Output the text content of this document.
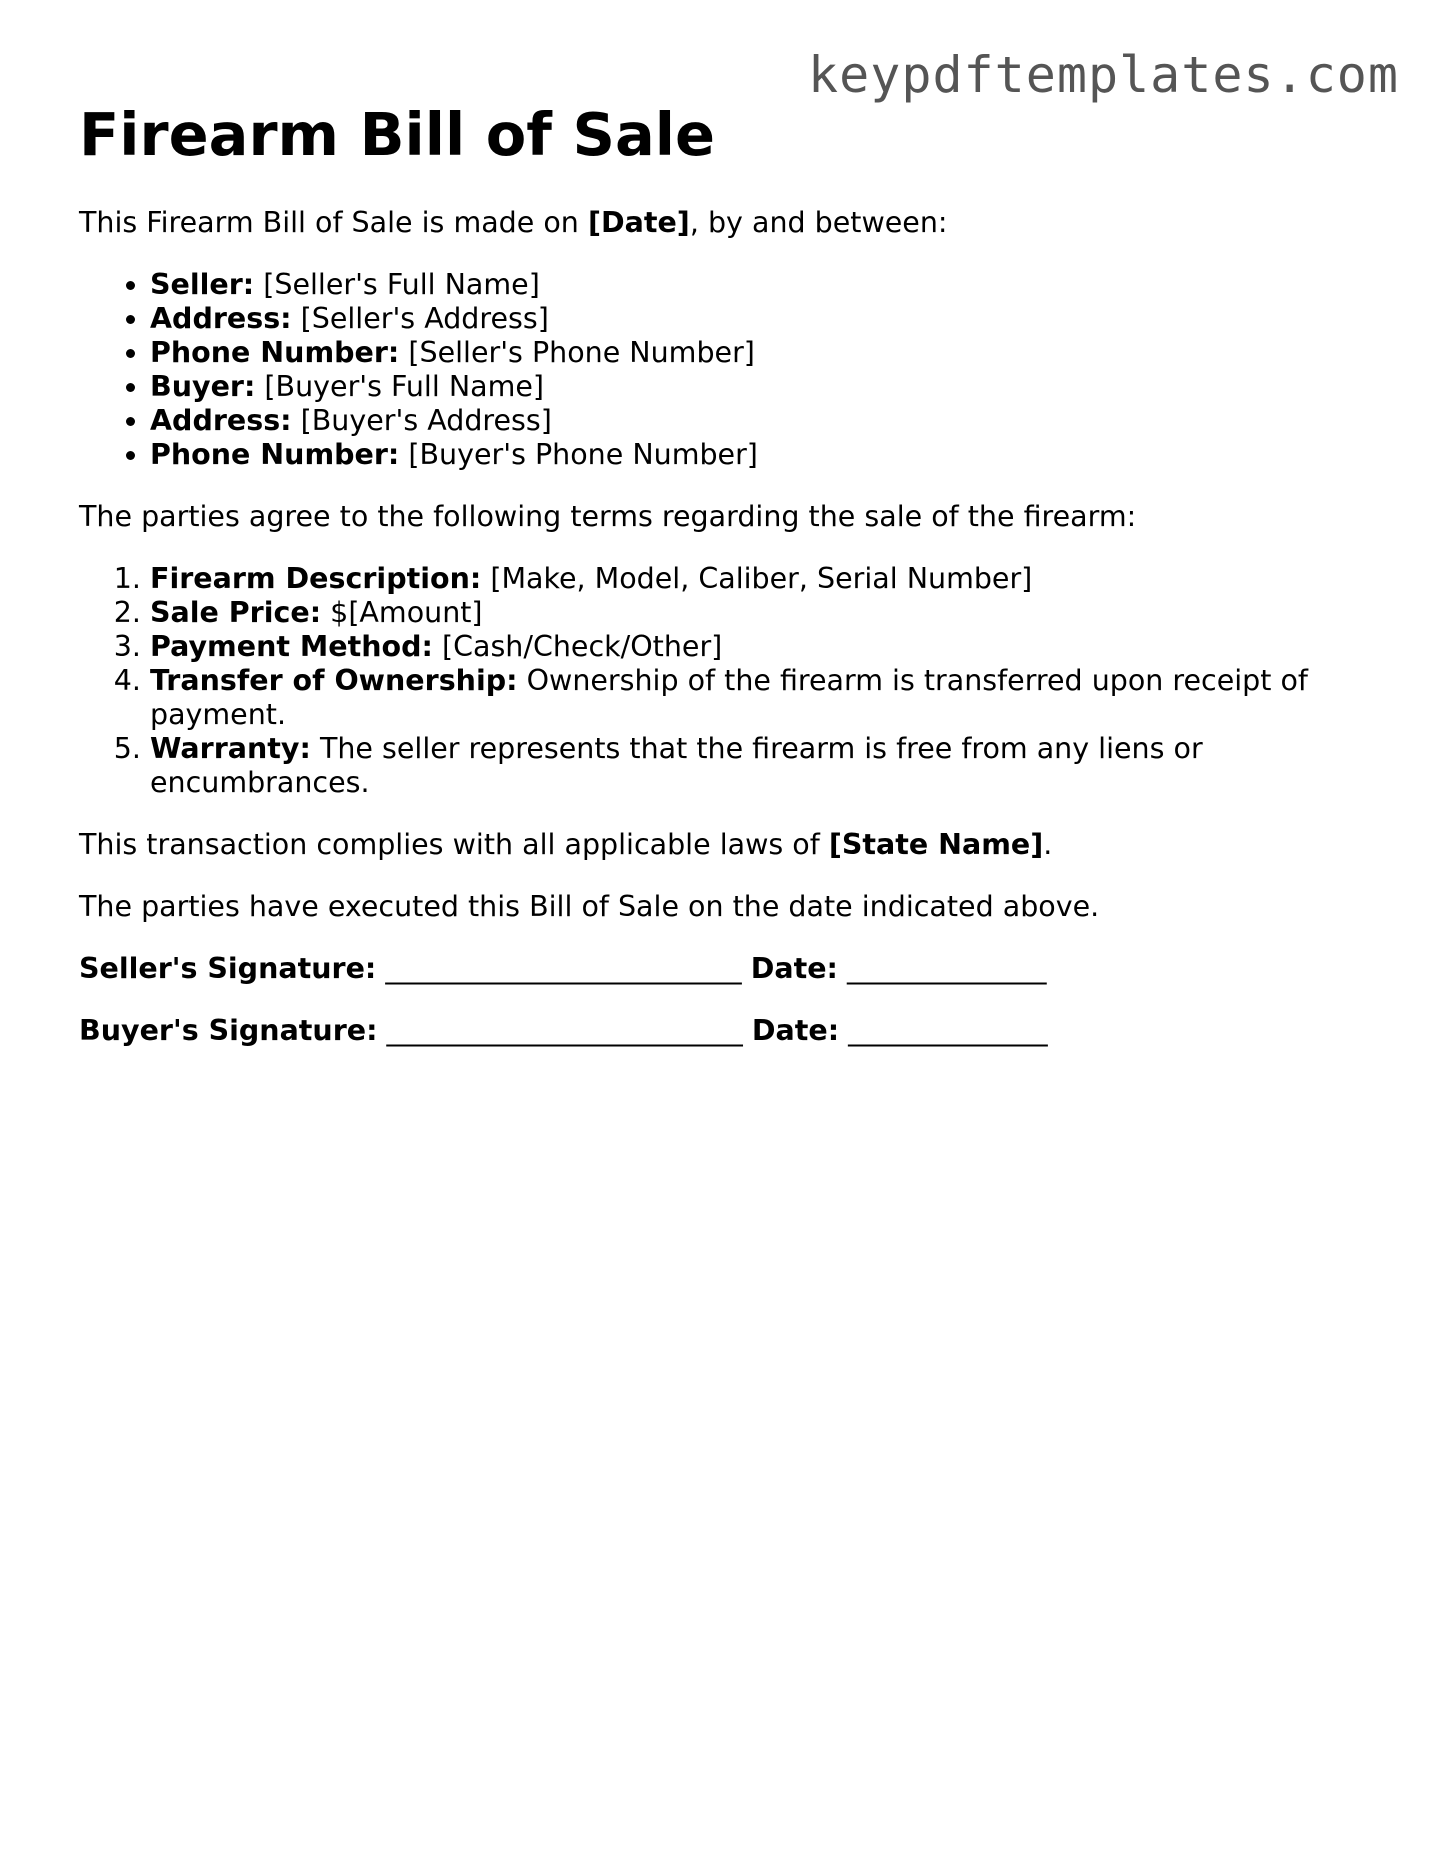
keypdftemplates.com
Firearm Bill of Sale

This Firearm Bill of Sale is made on [Date], by and between:

• Seller: [Seller's Full Name]
• Address: [Seller's Address]
• Phone Number: [Seller's Phone Number]
• Buyer: [Buyer's Full Name]
• Address: [Buyer's Address]
• Phone Number: [Buyer's Phone Number]

The parties agree to the following terms regarding the sale of the firearm:

1. Firearm Description: [Make, Model, Caliber, Serial Number]
2. Sale Price: $[Amount]
3. Payment Method: [Cash/Check/Other]
4. Transfer of Ownership: Ownership of the firearm is transferred upon receipt of payment.
5. Warranty: The seller represents that the firearm is free from any liens or encumbrances.

This transaction complies with all applicable laws of [State Name].

The parties have executed this Bill of Sale on the date indicated above.

Seller's Signature: _________________________ Date: ______________
Buyer's Signature: _________________________ Date: ______________
